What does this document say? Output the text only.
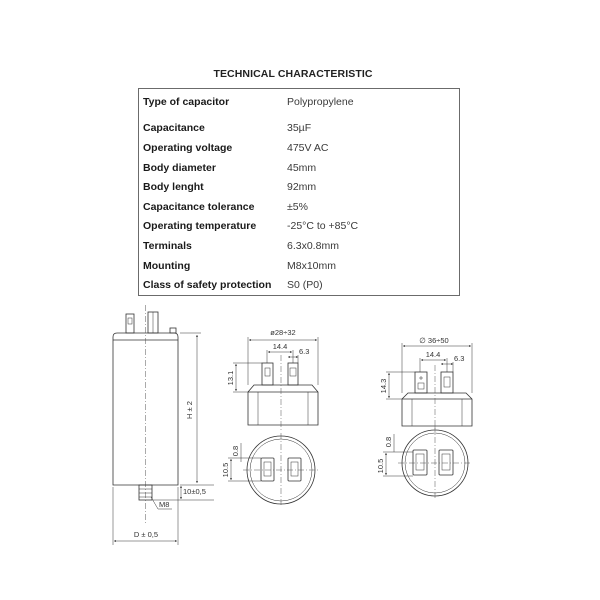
TECHNICAL CHARACTERISTIC
Type of capacitor	Polypropylene
Capacitance	35µF
Operating voltage	475V AC
Body diameter	45mm
Body lenght	92mm
Capacitance tolerance	±5%
Operating temperature	-25°C to +85°C
Terminals	6.3x0.8mm
Mounting	M8x10mm
Class of safety protection	S0 (P0)
H ± 2
10±0,5
M8
D ± 0,5
ø28÷32
14.4
6.3
13.1
10.5
0.8
∅ 36÷50
14.4 6.3
14.3
10.5
0.8
